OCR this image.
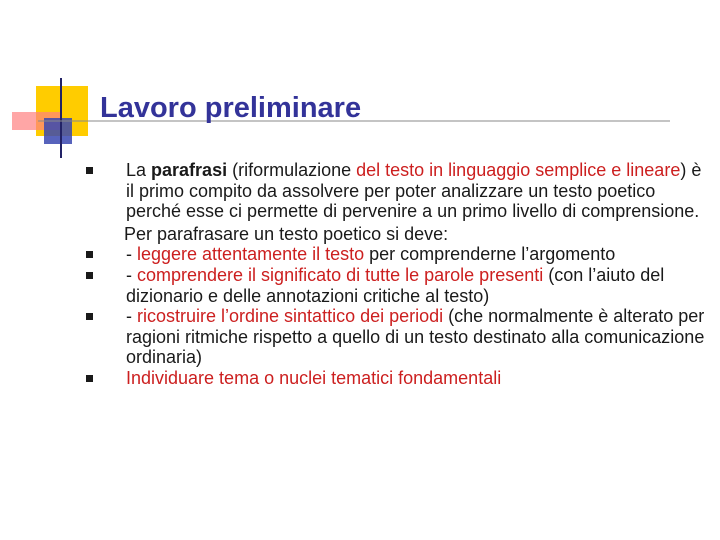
Lavoro preliminare
La parafrasi (riformulazione del testo in linguaggio semplice e lineare) è il primo compito da assolvere per poter analizzare un testo poetico perché esse ci permette di pervenire a un primo livello di comprensione.
Per parafrasare un testo poetico si deve:
- leggere attentamente il testo per comprenderne l’argomento
- comprendere il significato di tutte le parole presenti (con l’aiuto del dizionario e delle annotazioni critiche al testo)
- ricostruire l’ordine sintattico dei periodi (che normalmente è alterato per ragioni ritmiche rispetto a quello di un testo destinato alla comunicazione ordinaria)
Individuare tema o nuclei tematici fondamentali
